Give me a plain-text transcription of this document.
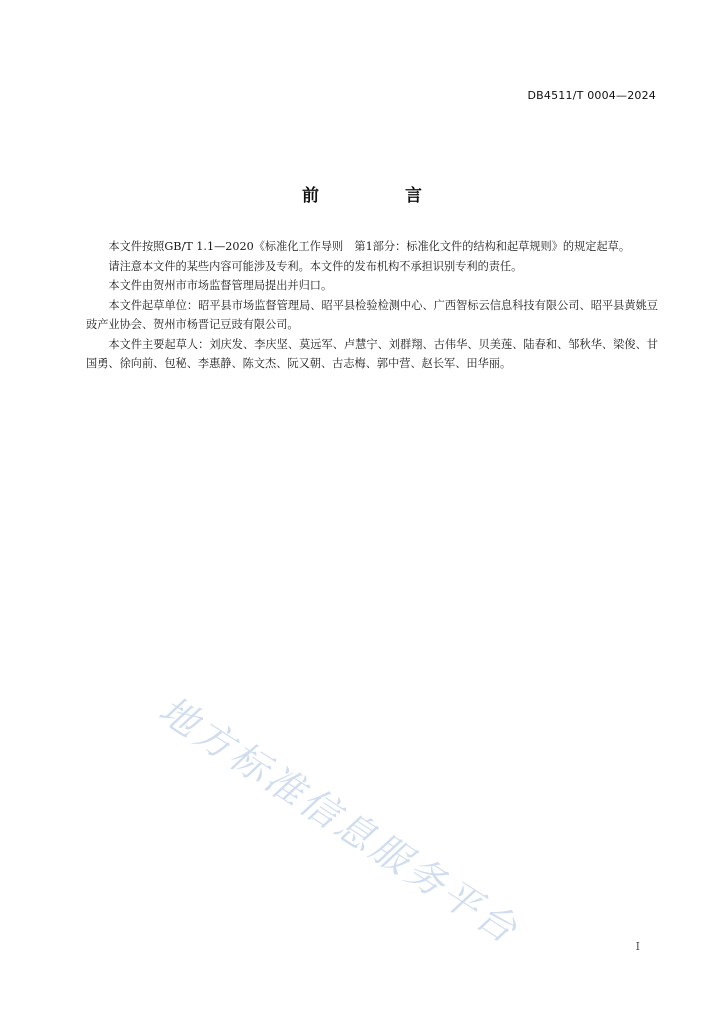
DB4511/T 0004—2024
前 言

本文件按照GB/T 1.1—2020《标准化工作导则　第1部分：标准化文件的结构和起草规则》的规定起草。

请注意本文件的某些内容可能涉及专利。本文件的发布机构不承担识别专利的责任。

本文件由贺州市市场监督管理局提出并归口。

本文件起草单位：昭平县市场监督管理局、昭平县检验检测中心、广西智标云信息科技有限公司、昭平县黄姚豆豉产业协会、贺州市杨晋记豆豉有限公司。

本文件主要起草人：刘庆发、李庆坚、莫远军、卢慧宁、刘群翔、古伟华、贝美莲、陆春和、邹秋华、梁俊、甘国勇、徐向前、包秘、李惠静、陈文杰、阮又朝、古志梅、郭中营、赵长军、田华丽。

地方标准信息服务平台	I
